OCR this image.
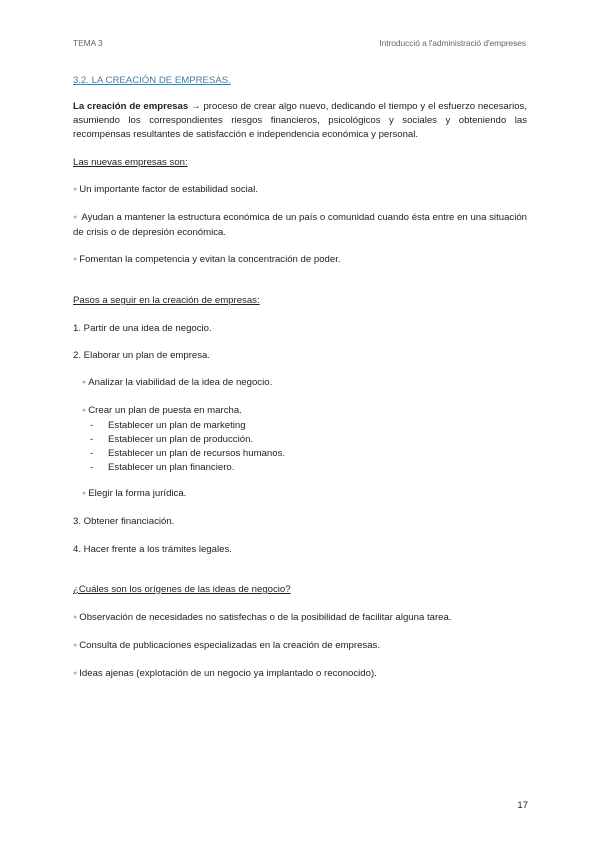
TEMA 3	Introducció a l'administració d'empreses

3.2. LA CREACIÓN DE EMPRESAS.

La creación de empresas → proceso de crear algo nuevo, dedicando el tiempo y el esfuerzo necesarios, asumiendo los correspondientes riesgos financieros, psicológicos y sociales y obteniendo las recompensas resultantes de satisfacción e independencia económica y personal.

Las nuevas empresas son:

● Un importante factor de estabilidad social.

● Ayudan a mantener la estructura económica de un país o comunidad cuando ésta entre en una situación de crisis o de depresión económica.

● Fomentan la competencia y evitan la concentración de poder.

Pasos a seguir en la creación de empresas:

1. Partir de una idea de negocio.

2. Elaborar un plan de empresa.

● Analizar la viabilidad de la idea de negocio.

● Crear un plan de puesta en marcha.

- Establecer un plan de marketing
- Establecer un plan de producción.
- Establecer un plan de recursos humanos.
- Establecer un plan financiero.

● Elegir la forma jurídica.

3. Obtener financiación.

4. Hacer frente a los trámites legales.

¿Cuáles son los orígenes de las ideas de negocio?

● Observación de necesidades no satisfechas o de la posibilidad de facilitar alguna tarea.

● Consulta de publicaciones especializadas en la creación de empresas.

● Ideas ajenas (explotación de un negocio ya implantado o reconocido).

17
